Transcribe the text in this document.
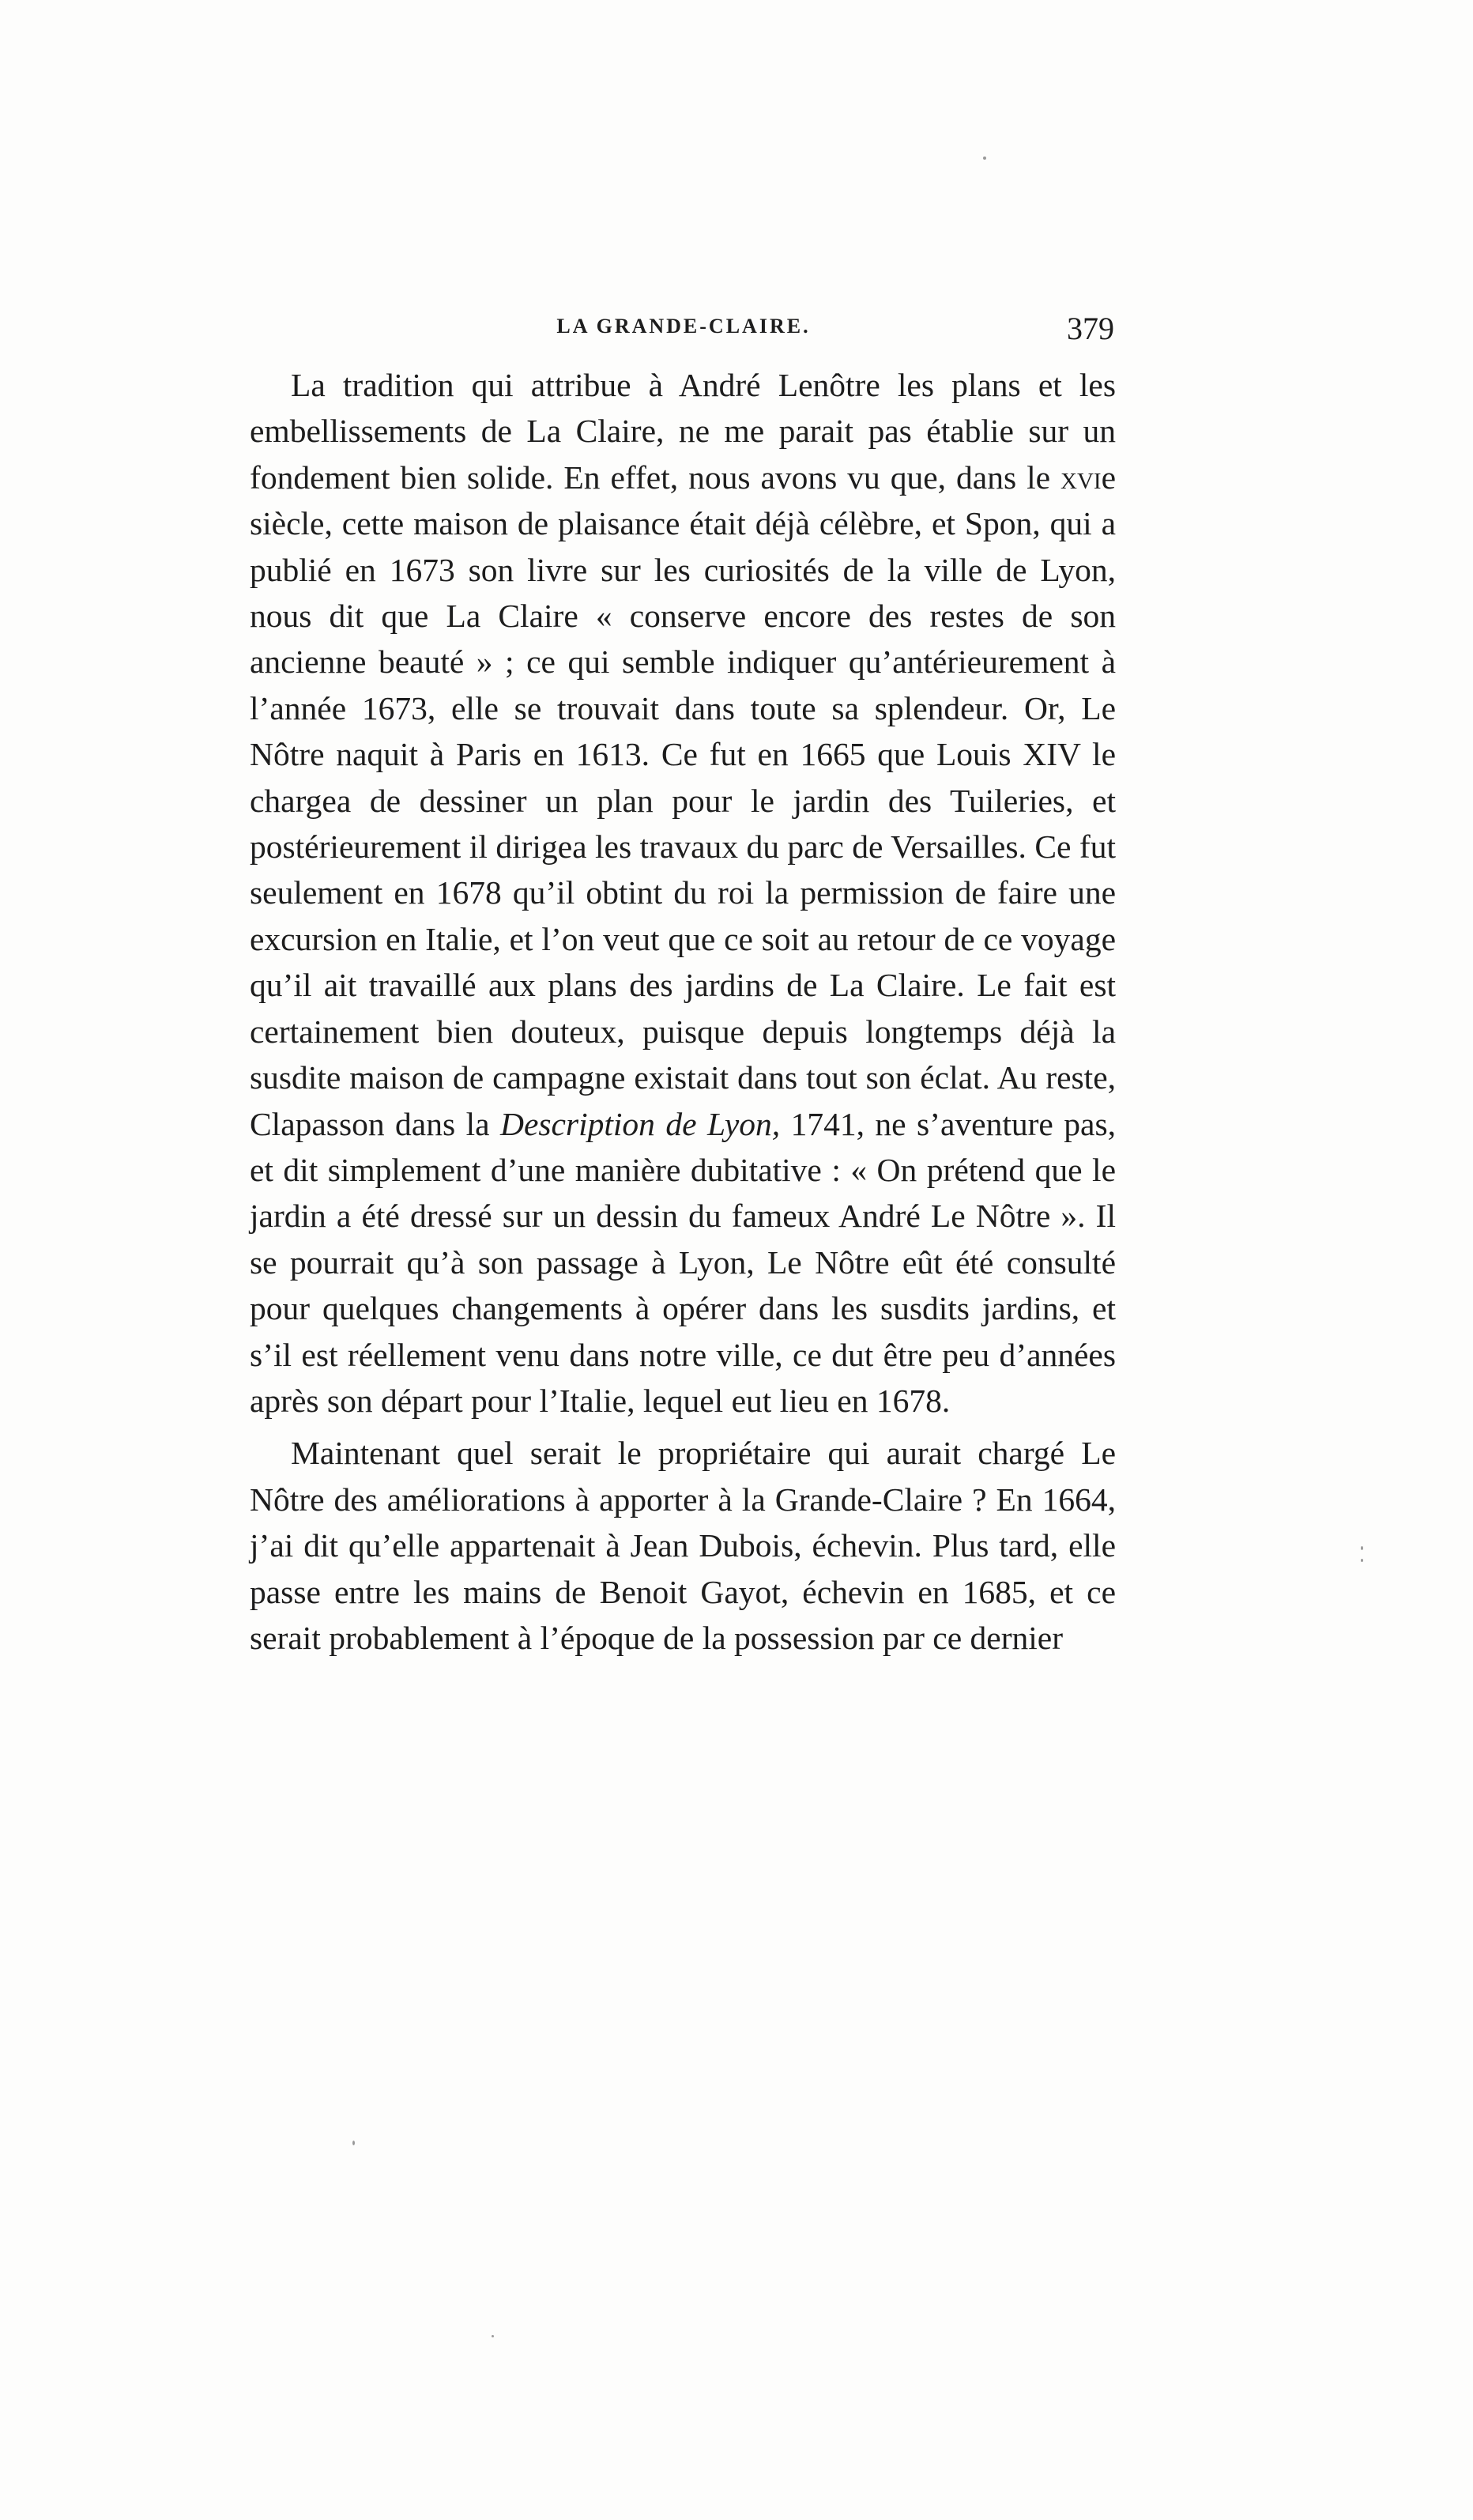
LA GRANDE-CLAIRE.	379

La tradition qui attribue à André Lenôtre les plans et les embellissements de La Claire, ne me parait pas établie sur un fondement bien solide. En effet, nous avons vu que, dans le xvie siècle, cette maison de plaisance était déjà célèbre, et Spon, qui a publié en 1673 son livre sur les curiosités de la ville de Lyon, nous dit que La Claire « conserve encore des restes de son ancienne beauté » ; ce qui semble indiquer qu’antérieurement à l’année 1673, elle se trouvait dans toute sa splendeur. Or, Le Nôtre naquit à Paris en 1613. Ce fut en 1665 que Louis XIV le chargea de dessiner un plan pour le jardin des Tuileries, et postérieurement il dirigea les travaux du parc de Versailles. Ce fut seulement en 1678 qu’il obtint du roi la permission de faire une excursion en Italie, et l’on veut que ce soit au retour de ce voyage qu’il ait travaillé aux plans des jardins de La Claire. Le fait est certainement bien douteux, puisque depuis longtemps déjà la susdite maison de campagne existait dans tout son éclat. Au reste, Clapasson dans la Description de Lyon, 1741, ne s’aventure pas, et dit simplement d’une manière dubitative : « On prétend que le jardin a été dressé sur un dessin du fameux André Le Nôtre ». Il se pourrait qu’à son passage à Lyon, Le Nôtre eût été consulté pour quelques changements à opérer dans les susdits jardins, et s’il est réellement venu dans notre ville, ce dut être peu d’années après son départ pour l’Italie, lequel eut lieu en 1678.

Maintenant quel serait le propriétaire qui aurait chargé Le Nôtre des améliorations à apporter à la Grande-Claire ? En 1664, j’ai dit qu’elle appartenait à Jean Dubois, échevin. Plus tard, elle passe entre les mains de Benoit Gayot, échevin en 1685, et ce serait probablement à l’époque de la possession par ce dernier
